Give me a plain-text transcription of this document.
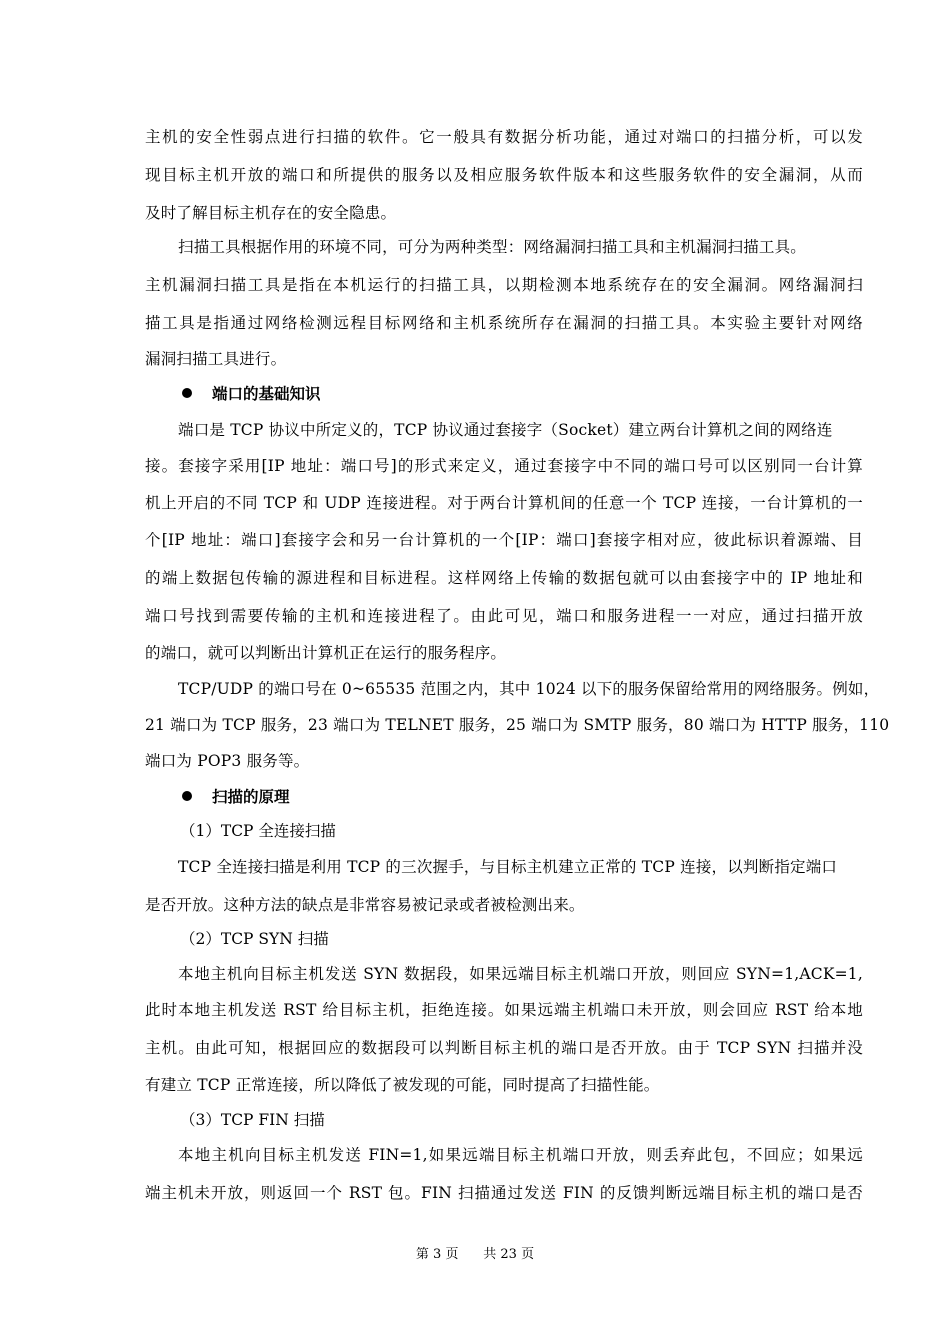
主机的安全性弱点进行扫描的软件。它一般具有数据分析功能，通过对端口的扫描分析，可以发
现目标主机开放的端口和所提供的服务以及相应服务软件版本和这些服务软件的安全漏洞，从而
及时了解目标主机存在的安全隐患。
扫描工具根据作用的环境不同，可分为两种类型：网络漏洞扫描工具和主机漏洞扫描工具。
主机漏洞扫描工具是指在本机运行的扫描工具，以期检测本地系统存在的安全漏洞。网络漏洞扫
描工具是指通过网络检测远程目标网络和主机系统所存在漏洞的扫描工具。本实验主要针对网络
漏洞扫描工具进行。
端口的基础知识
端口是 TCP 协议中所定义的，TCP 协议通过套接字（Socket）建立两台计算机之间的网络连
接。套接字采用[IP 地址：端口号]的形式来定义，通过套接字中不同的端口号可以区别同一台计算
机上开启的不同 TCP 和 UDP 连接进程。对于两台计算机间的任意一个 TCP 连接，一台计算机的一
个[IP 地址：端口]套接字会和另一台计算机的一个[IP：端口]套接字相对应，彼此标识着源端、目
的端上数据包传输的源进程和目标进程。这样网络上传输的数据包就可以由套接字中的 IP 地址和
端口号找到需要传输的主机和连接进程了。由此可见，端口和服务进程一一对应，通过扫描开放
的端口，就可以判断出计算机正在运行的服务程序。
TCP/UDP 的端口号在 0~65535 范围之内，其中 1024 以下的服务保留给常用的网络服务。例如，
21 端口为 TCP 服务，23 端口为 TELNET 服务，25 端口为 SMTP 服务，80 端口为 HTTP 服务，110
端口为 POP3 服务等。
扫描的原理
（1）TCP 全连接扫描
TCP 全连接扫描是利用 TCP 的三次握手，与目标主机建立正常的 TCP 连接，以判断指定端口
是否开放。这种方法的缺点是非常容易被记录或者被检测出来。
（2）TCP SYN 扫描
本地主机向目标主机发送 SYN 数据段，如果远端目标主机端口开放，则回应 SYN=1,ACK=1,
此时本地主机发送 RST 给目标主机，拒绝连接。如果远端主机端口未开放，则会回应 RST 给本地
主机。由此可知，根据回应的数据段可以判断目标主机的端口是否开放。由于 TCP SYN 扫描并没
有建立 TCP 正常连接，所以降低了被发现的可能，同时提高了扫描性能。
（3）TCP FIN 扫描
本地主机向目标主机发送 FIN=1,如果远端目标主机端口开放，则丢弃此包，不回应；如果远
端主机未开放，则返回一个 RST 包。FIN 扫描通过发送 FIN 的反馈判断远端目标主机的端口是否
第 3 页 共 23 页
